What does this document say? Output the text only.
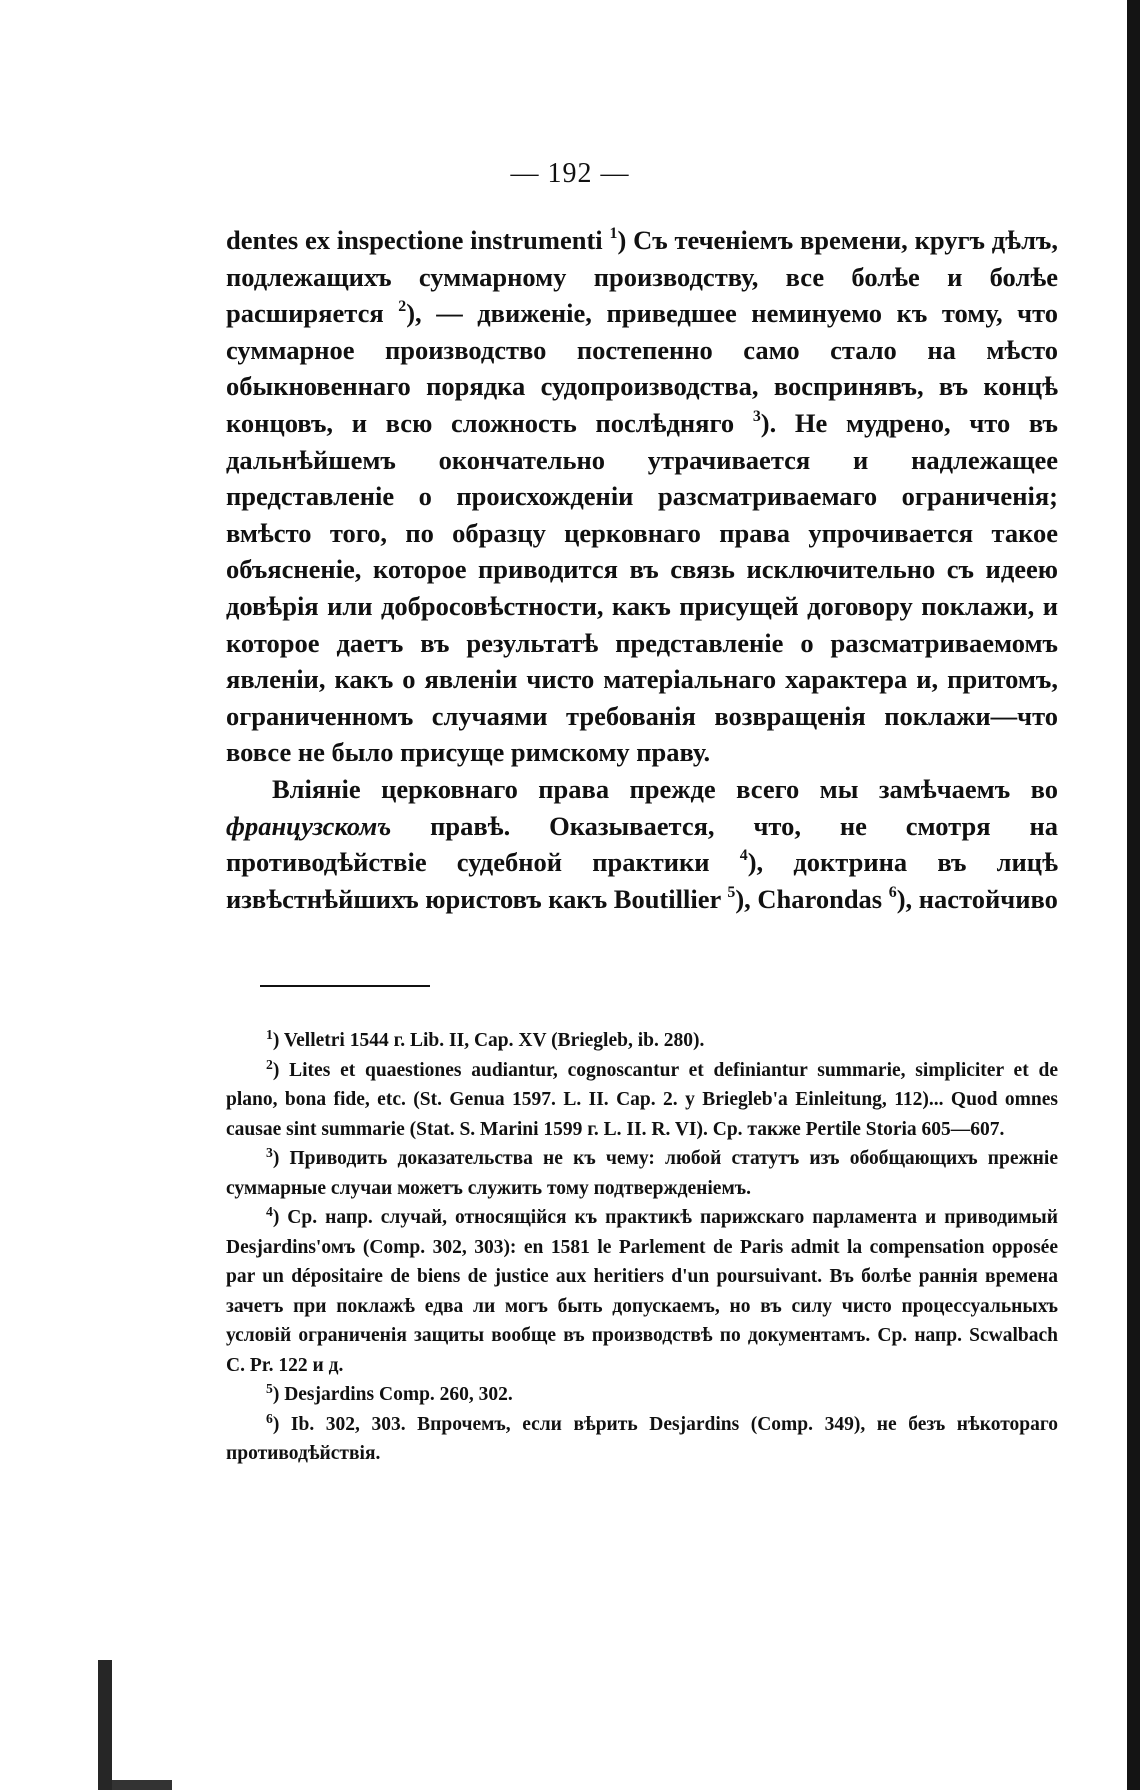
— 192 —

dentes ex inspectione instrumenti $^1$) Съ теченіемъ времени, кругъ дѣлъ, подлежащихъ суммарному производству, все болѣе и болѣе расширяется $^2$), — движеніе, приведшее неминуемо къ тому, что суммарное производство постепенно само стало на мѣсто обыкновеннаго порядка судопроизводства, воспринявъ, въ концѣ концовъ, и всю сложность послѣдняго $^3$). Не мудрено, что въ дальнѣйшемъ окончательно утрачивается и надлежащее представленіе о происхожденіи разсматриваемаго ограниченія; вмѣсто того, по образцу церковнаго права упрочивается такое объясненіе, которое приводится въ связь исключительно съ идеею довѣрія или добросовѣстности, какъ присущей договору поклажи, и которое даетъ въ результатѣ представленіе о разсматриваемомъ явленіи, какъ о явленіи чисто матеріальнаго характера и, притомъ, ограниченномъ случаями требованія возвращенія поклажи—что вовсе не было присуще римскому праву.

Вліяніе церковнаго права прежде всего мы замѣчаемъ во французскомъ правѣ. Оказывается, что, не смотря на противодѣйствіе судебной практики $^4$), доктрина въ лицѣ извѣстнѣйшихъ юристовъ какъ Boutillier $^5$), Charondas $^6$), настойчиво

$^1$) Velletri 1544 г. Lib. II, Cap. XV (Briegleb, ib. 280).

$^2$) Lites et quaestiones audiantur, cognoscantur et definiantur summarie, simpliciter et de plano, bona fide, etc. (St. Genua 1597. L. II. Cap. 2. у Briegleb'a Einleitung, 112)... Quod omnes causae sint summarie (Stat. S. Marini 1599 г. L. II. R. VI). Ср. также Pertile Storia 605—607.

$^3$) Приводить доказательства не къ чему: любой статутъ изъ обобщающихъ прежніе суммарные случаи можетъ служить тому подтвержденіемъ.

$^4$) Ср. напр. случай, относящійся къ практикѣ парижскаго парламента и приводимый Desjardins'омъ (Comp. 302, 303): en 1581 le Parlement de Paris admit la compensation opposée par un dépositaire de biens de justice aux heritiers d'un poursuivant. Въ болѣе раннія времена зачетъ при поклажѣ едва ли могъ быть допускаемъ, но въ силу чисто процессуальныхъ условій ограниченія защиты вообще въ производствѣ по документамъ. Ср. напр. Scwalbach C. Pr. 122 и д.

$^5$) Desjardins Comp. 260, 302.

$^6$) Ib. 302, 303. Впрочемъ, если вѣрить Desjardins (Comp. 349), не безъ нѣкотораго противодѣйствія.
